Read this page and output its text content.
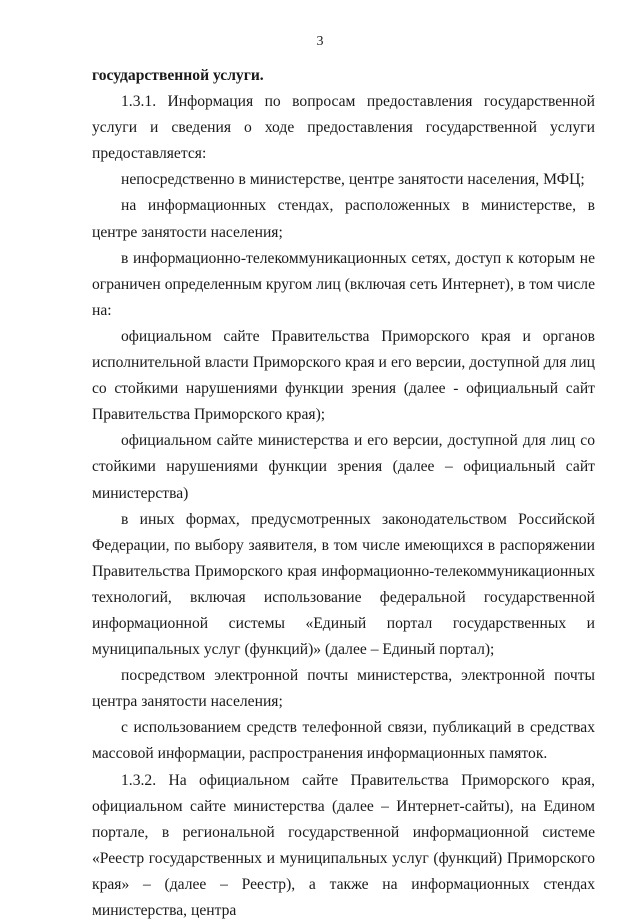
3

государственной услуги.

1.3.1. Информация по вопросам предоставления государственной услуги и сведения о ходе предоставления государственной услуги предоставляется:

непосредственно в министерстве, центре занятости населения, МФЦ;

на информационных стендах, расположенных в министерстве, в центре занятости населения;

в информационно-телекоммуникационных сетях, доступ к которым не ограничен определенным кругом лиц (включая сеть Интернет), в том числе на:

официальном сайте Правительства Приморского края и органов исполнительной власти Приморского края и его версии, доступной для лиц со стойкими нарушениями функции зрения (далее - официальный сайт Правительства Приморского края);

официальном сайте министерства и его версии, доступной для лиц со стойкими нарушениями функции зрения (далее – официальный сайт министерства)

в иных формах, предусмотренных законодательством Российской Федерации, по выбору заявителя, в том числе имеющихся в распоряжении Правительства Приморского края информационно-телекоммуникационных технологий, включая использование федеральной государственной информационной системы «Единый портал государственных и муниципальных услуг (функций)» (далее – Единый портал);

посредством электронной почты министерства, электронной почты центра занятости населения;

с использованием средств телефонной связи, публикаций в средствах массовой информации, распространения информационных памяток.

1.3.2. На официальном сайте Правительства Приморского края, официальном сайте министерства (далее – Интернет-сайты), на Едином портале, в региональной государственной информационной системе «Реестр государственных и муниципальных услуг (функций) Приморского края» – (далее – Реестр), а также на информационных стендах министерства, центра
